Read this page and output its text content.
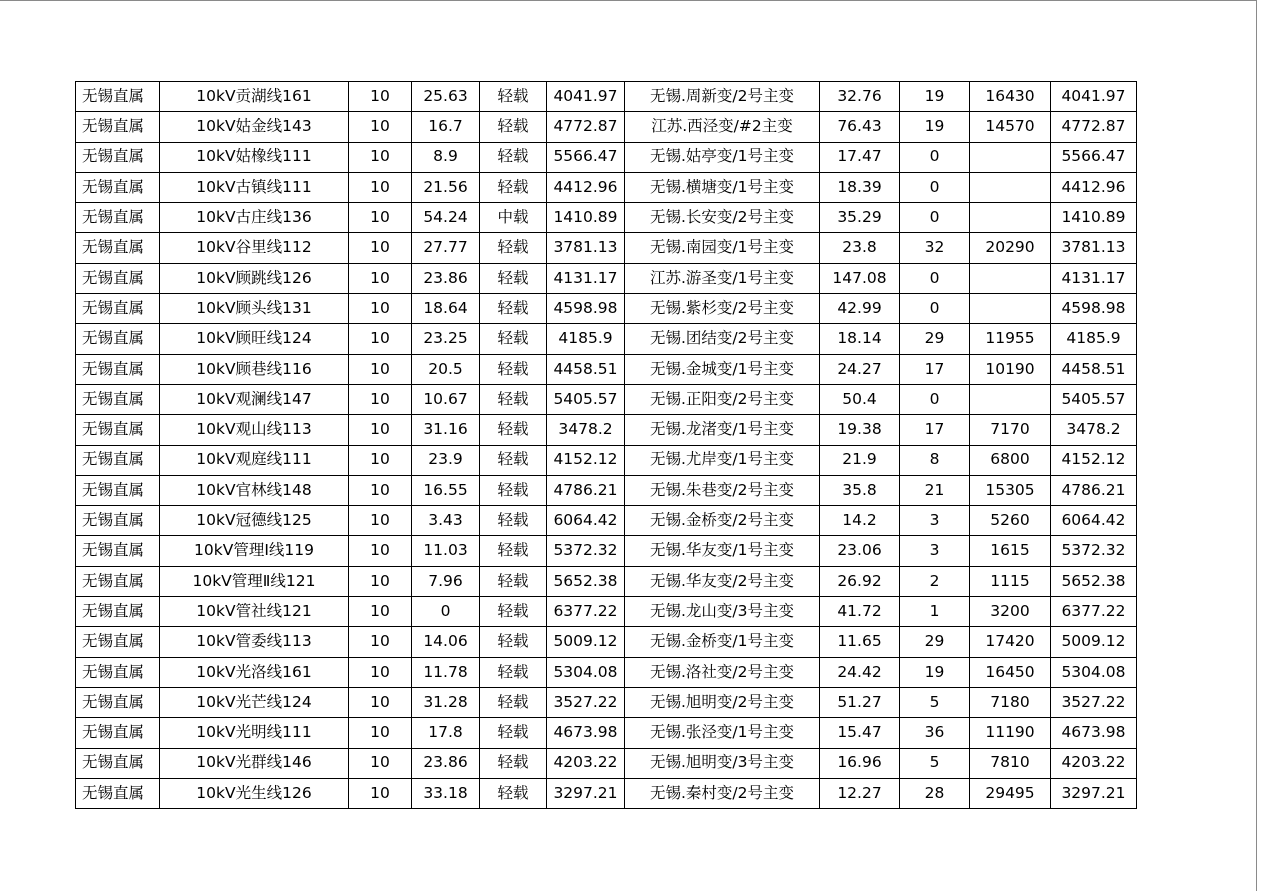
无锡直属	10kV贡湖线161	10	25.63	轻载	4041.97	无锡.周新变/2号主变	32.76	19	16430	4041.97
无锡直属	10kV姑金线143	10	16.7	轻载	4772.87	江苏.西泾变/#2主变	76.43	19	14570	4772.87
无锡直属	10kV姑橡线111	10	8.9	轻载	5566.47	无锡.姑亭变/1号主变	17.47	0		5566.47
无锡直属	10kV古镇线111	10	21.56	轻载	4412.96	无锡.横塘变/1号主变	18.39	0		4412.96
无锡直属	10kV古庄线136	10	54.24	中载	1410.89	无锡.长安变/2号主变	35.29	0		1410.89
无锡直属	10kV谷里线112	10	27.77	轻载	3781.13	无锡.南园变/1号主变	23.8	32	20290	3781.13
无锡直属	10kV顾跳线126	10	23.86	轻载	4131.17	江苏.游圣变/1号主变	147.08	0		4131.17
无锡直属	10kV顾头线131	10	18.64	轻载	4598.98	无锡.紫杉变/2号主变	42.99	0		4598.98
无锡直属	10kV顾旺线124	10	23.25	轻载	4185.9	无锡.团结变/2号主变	18.14	29	11955	4185.9
无锡直属	10kV顾巷线116	10	20.5	轻载	4458.51	无锡.金城变/1号主变	24.27	17	10190	4458.51
无锡直属	10kV观澜线147	10	10.67	轻载	5405.57	无锡.正阳变/2号主变	50.4	0		5405.57
无锡直属	10kV观山线113	10	31.16	轻载	3478.2	无锡.龙渚变/1号主变	19.38	17	7170	3478.2
无锡直属	10kV观庭线111	10	23.9	轻载	4152.12	无锡.尤岸变/1号主变	21.9	8	6800	4152.12
无锡直属	10kV官林线148	10	16.55	轻载	4786.21	无锡.朱巷变/2号主变	35.8	21	15305	4786.21
无锡直属	10kV冠德线125	10	3.43	轻载	6064.42	无锡.金桥变/2号主变	14.2	3	5260	6064.42
无锡直属	10kV管理Ⅰ线119	10	11.03	轻载	5372.32	无锡.华友变/1号主变	23.06	3	1615	5372.32
无锡直属	10kV管理Ⅱ线121	10	7.96	轻载	5652.38	无锡.华友变/2号主变	26.92	2	1115	5652.38
无锡直属	10kV管社线121	10	0	轻载	6377.22	无锡.龙山变/3号主变	41.72	1	3200	6377.22
无锡直属	10kV管委线113	10	14.06	轻载	5009.12	无锡.金桥变/1号主变	11.65	29	17420	5009.12
无锡直属	10kV光洛线161	10	11.78	轻载	5304.08	无锡.洛社变/2号主变	24.42	19	16450	5304.08
无锡直属	10kV光芒线124	10	31.28	轻载	3527.22	无锡.旭明变/2号主变	51.27	5	7180	3527.22
无锡直属	10kV光明线111	10	17.8	轻载	4673.98	无锡.张泾变/1号主变	15.47	36	11190	4673.98
无锡直属	10kV光群线146	10	23.86	轻载	4203.22	无锡.旭明变/3号主变	16.96	5	7810	4203.22
无锡直属	10kV光生线126	10	33.18	轻载	3297.21	无锡.秦村变/2号主变	12.27	28	29495	3297.21
